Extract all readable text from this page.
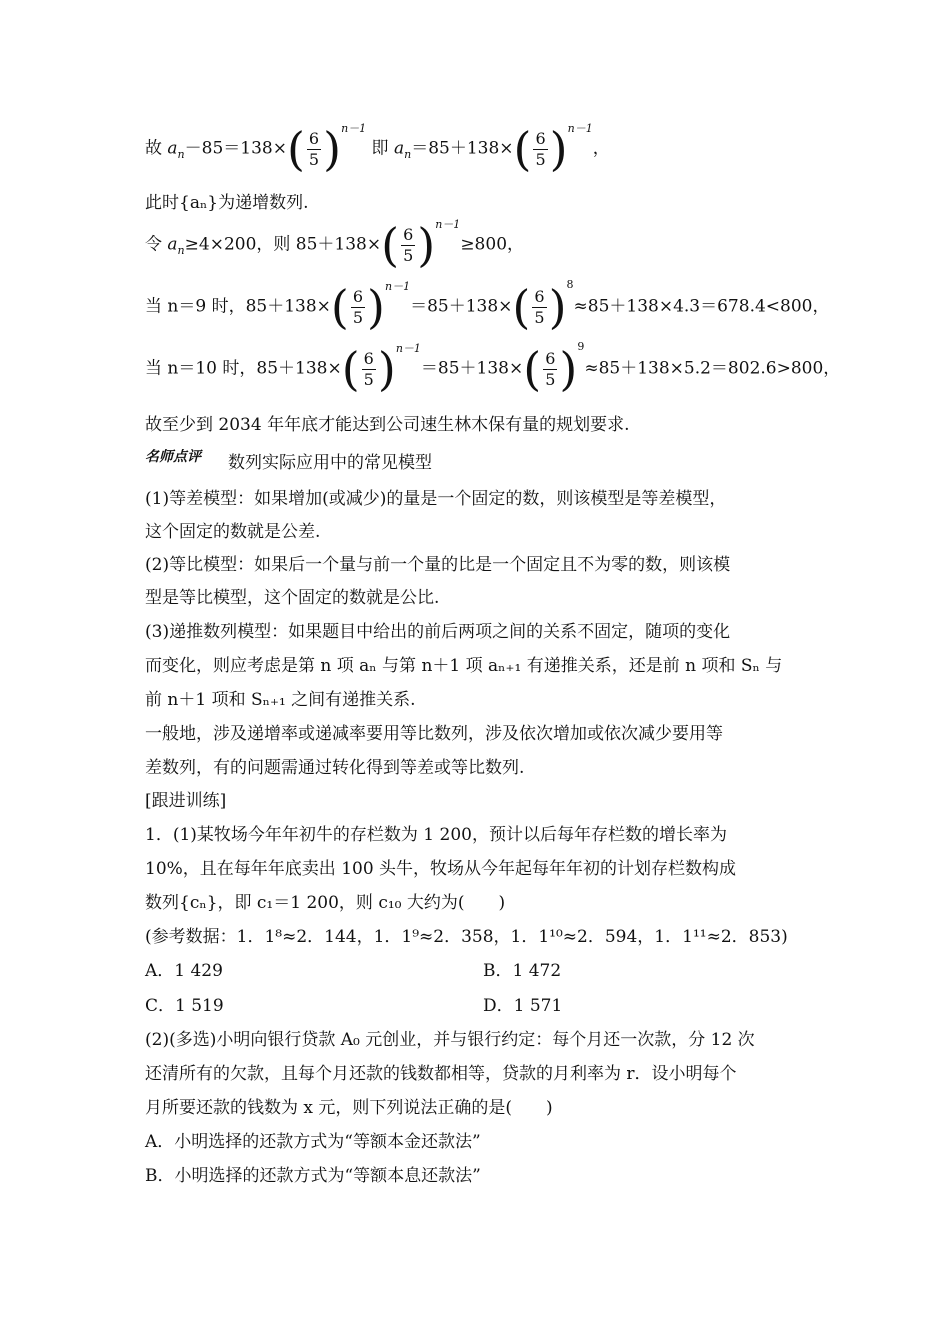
故 $a_n-85=138\times( \frac{6}{5} )n-1$ 即 $a_n=85+138\times( \frac{6}{5} )n-1$，
此时{aₙ}为递增数列.
令 $a_n\ge 4\times 200$，则 $85+138\times( \frac{6}{5} )n-1\ge 800$，
当 n＝9 时，$85+138\times( \frac{6}{5} )n-1=85+138\times( \frac{6}{5} )8\approx 85+138\times 4.3=678.4<800$，
当 n＝10 时，$85+138\times( \frac{6}{5} )n-1=85+138\times( \frac{6}{5} )9\approx 85+138\times 5.2=802.6>800$，
故至少到 2034 年年底才能达到公司速生林木保有量的规划要求.
名师点评 数列实际应用中的常见模型
(1)等差模型：如果增加(或减少)的量是一个固定的数，则该模型是等差模型，
这个固定的数就是公差.
(2)等比模型：如果后一个量与前一个量的比是一个固定且不为零的数，则该模
型是等比模型，这个固定的数就是公比.
(3)递推数列模型：如果题目中给出的前后两项之间的关系不固定，随项的变化
而变化，则应考虑是第 n 项 aₙ 与第 n＋1 项 aₙ₊₁ 有递推关系，还是前 n 项和 Sₙ 与
前 n＋1 项和 Sₙ₊₁ 之间有递推关系.
一般地，涉及递增率或递减率要用等比数列，涉及依次增加或依次减少要用等
差数列，有的问题需通过转化得到等差或等比数列.
[跟进训练]
1．(1)某牧场今年年初牛的存栏数为 1 200，预计以后每年存栏数的增长率为
10%，且在每年年底卖出 100 头牛，牧场从今年起每年年初的计划存栏数构成
数列{cₙ}，即 c₁＝1 200，则 c₁₀ 大约为(　　)
(参考数据：1．1⁸≈2．144，1．1⁹≈2．358，1．1¹⁰≈2．594，1．1¹¹≈2．853)
A．1 429	B．1 472
C．1 519	D．1 571
(2)(多选)小明向银行贷款 A₀ 元创业，并与银行约定：每个月还一次款，分 12 次
还清所有的欠款，且每个月还款的钱数都相等，贷款的月利率为 r．设小明每个
月所要还款的钱数为 x 元，则下列说法正确的是(　　)
A．小明选择的还款方式为“等额本金还款法”
B．小明选择的还款方式为“等额本息还款法”
